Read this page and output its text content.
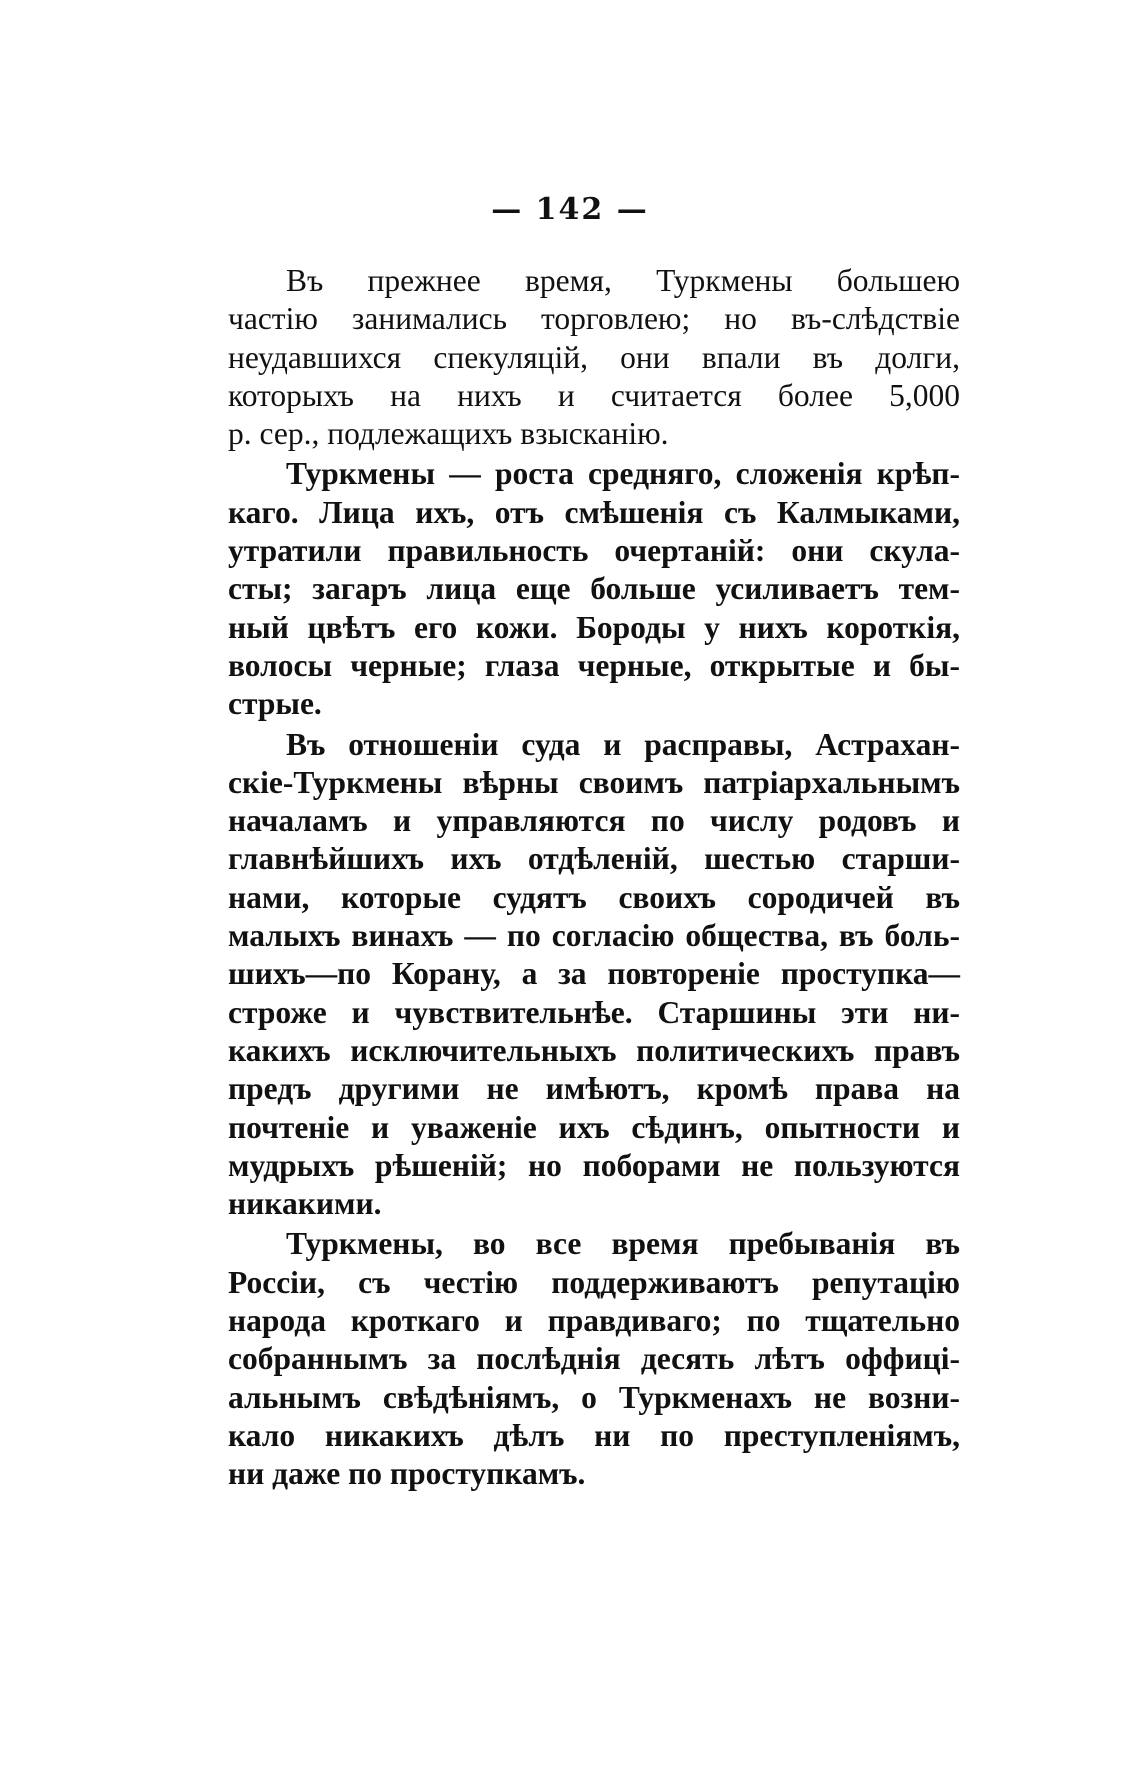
— 142 —
Въ прежнее время, Туркмены большею
частію занимались торговлею; но въ-слѣдствіе
неудавшихся спекуляцій, они впали въ долги,
которыхъ на нихъ и считается более 5,000
р. сер., подлежащихъ взысканію.
Туркмены — роста средняго, сложенія крѣп-
каго. Лица ихъ, отъ смѣшенія съ Калмыками,
утратили правильность очертаній: они скула-
сты; загаръ лица еще больше усиливаетъ тем-
ный цвѣтъ его кожи. Бороды у нихъ короткія,
волосы черные; глаза черные, открытые и бы-
стрые.
Въ отношеніи суда и расправы, Астрахан-
скіе-Туркмены вѣрны своимъ патріархальнымъ
началамъ и управляются по числу родовъ и
главнѣйшихъ ихъ отдѣленій, шестью старши-
нами, которые судятъ своихъ сородичей въ
малыхъ винахъ — по согласію общества, въ боль-
шихъ—по Корану, а за повтореніе проступка—
строже и чувствительнѣе. Старшины эти ни-
какихъ исключительныхъ политическихъ правъ
предъ другими не имѣютъ, кромѣ права на
почтеніе и уваженіе ихъ сѣдинъ, опытности и
мудрыхъ рѣшеній; но поборами не пользуются
никакими.
Туркмены, во все время пребыванія въ
Россіи, съ честію поддерживаютъ репутацію
народа кроткаго и правдиваго; по тщательно
собраннымъ за послѣднія десять лѣтъ оффиці-
альнымъ свѣдѣніямъ, о Туркменахъ не возни-
кало никакихъ дѣлъ ни по преступленіямъ,
ни даже по проступкамъ.
